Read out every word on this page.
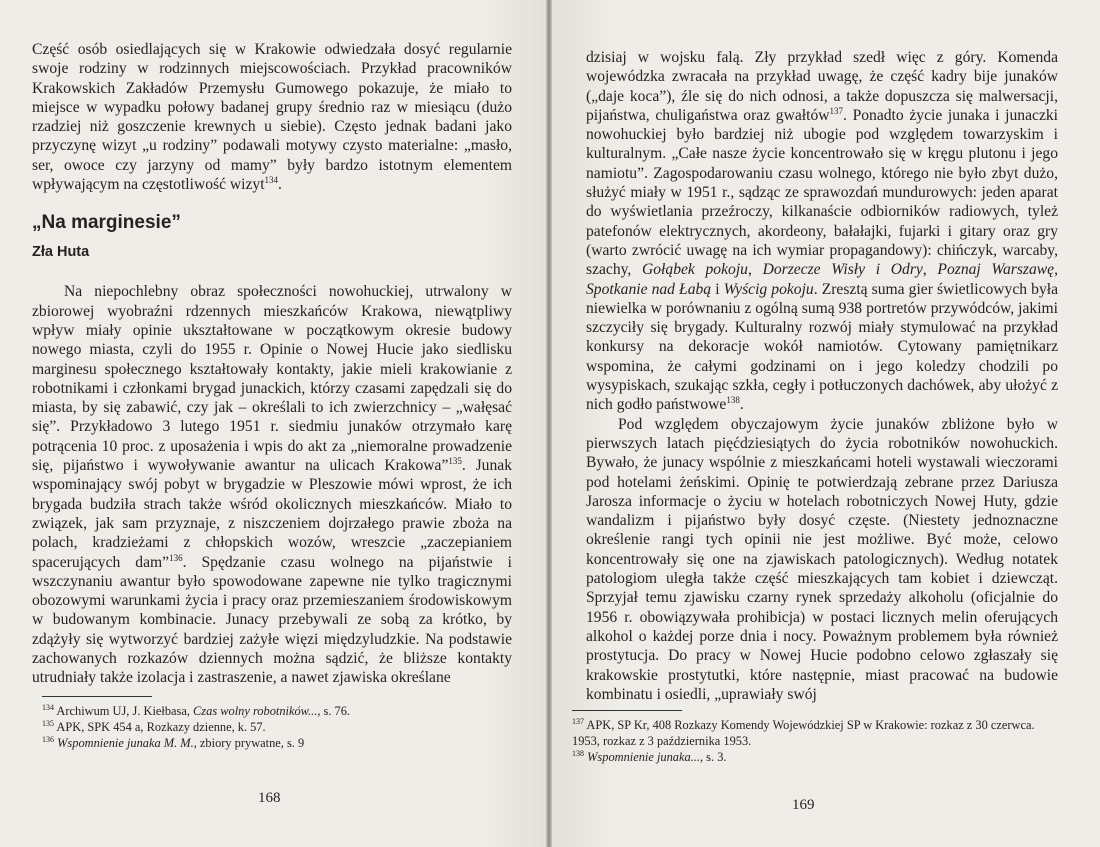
Część osób osiedlających się w Krakowie odwiedzała dosyć regularnie swoje rodziny w rodzinnych miejscowościach. Przykład pracowników Krakowskich Zakładów Przemysłu Gumowego pokazuje, że miało to miejsce w wypadku połowy badanej grupy średnio raz w miesiącu (dużo rzadziej niż goszczenie krewnych u siebie). Często jednak badani jako przyczynę wizyt „u rodziny” podawali motywy czysto materialne: „masło, ser, owoce czy jarzyny od mamy” były bardzo istotnym elementem wpływającym na częstotliwość wizyt$^{134}$.

„Na marginesie”
Zła Huta

Na niepochlebny obraz społeczności nowohuckiej, utrwalony w zbiorowej wyobraźni rdzennych mieszkańców Krakowa, niewątpliwy wpływ miały opinie ukształtowane w początkowym okresie budowy nowego miasta, czyli do 1955 r. Opinie o Nowej Hucie jako siedlisku marginesu społecznego kształtowały kontakty, jakie mieli krakowianie z robotnikami i członkami brygad junackich, którzy czasami zapędzali się do miasta, by się zabawić, czy jak – określali to ich zwierzchnicy – „wałęsać się”. Przykładowo 3 lutego 1951 r. siedmiu junaków otrzymało karę potrącenia 10 proc. z uposażenia i wpis do akt za „niemoralne prowadzenie się, pijaństwo i wywoływanie awantur na ulicach Krakowa”$^{135}$. Junak wspominający swój pobyt w brygadzie w Pleszowie mówi wprost, że ich brygada budziła strach także wśród okolicznych mieszkańców. Miało to związek, jak sam przyznaje, z niszczeniem dojrzałego prawie zboża na polach, kradzieżami z chłopskich wozów, wreszcie „zaczepianiem spacerujących dam”$^{136}$. Spędzanie czasu wolnego na pijaństwie i wszczynaniu awantur było spowodowane zapewne nie tylko tragicznymi obozowymi warunkami życia i pracy oraz przemieszaniem środowiskowym w budowanym kombinacie. Junacy przebywali ze sobą za krótko, by zdążyły się wytworzyć bardziej zażyłe więzi międzyludzkie. Na podstawie zachowanych rozkazów dziennych można sądzić, że bliższe kontakty utrudniały także izolacja i zastraszenie, a nawet zjawiska określane

$^{134}$ Archiwum UJ, J. Kiełbasa, Czas wolny robotników..., s. 76.

$^{135}$ APK, SPK 454 a, Rozkazy dzienne, k. 57.

$^{136}$ Wspomnienie junaka M. M., zbiory prywatne, s. 9

168

dzisiaj w wojsku falą. Zły przykład szedł więc z góry. Komenda wojewódzka zwracała na przykład uwagę, że część kadry bije junaków („daje koca”), źle się do nich odnosi, a także dopuszcza się malwersacji, pijaństwa, chuligaństwa oraz gwałtów$^{137}$. Ponadto życie junaka i junaczki nowohuckiej było bardziej niż ubogie pod względem towarzyskim i kulturalnym. „Całe nasze życie koncentrowało się w kręgu plutonu i jego namiotu”. Zagospodarowaniu czasu wolnego, którego nie było zbyt dużo, służyć miały w 1951 r., sądząc ze sprawozdań mundurowych: jeden aparat do wyświetlania przeźroczy, kilkanaście odbiorników radiowych, tyleż patefonów elektrycznych, akordeony, bałałajki, fujarki i gitary oraz gry (warto zwrócić uwagę na ich wymiar propagandowy): chińczyk, warcaby, szachy, Gołąbek pokoju, Dorzecze Wisły i Odry, Poznaj Warszawę, Spotkanie nad Łabą i Wyścig pokoju. Zresztą suma gier świetlicowych była niewielka w porównaniu z ogólną sumą 938 portretów przywódców, jakimi szczyciły się brygady. Kulturalny rozwój miały stymulować na przykład konkursy na dekoracje wokół namiotów. Cytowany pamiętnikarz wspomina, że całymi godzinami on i jego koledzy chodzili po wysypiskach, szukając szkła, cegły i potłuczonych dachówek, aby ułożyć z nich godło państwowe$^{138}$.

Pod względem obyczajowym życie junaków zbliżone było w pierwszych latach pięćdziesiątych do życia robotników nowohuckich. Bywało, że junacy wspólnie z mieszkańcami hoteli wystawali wieczorami pod hotelami żeńskimi. Opinię te potwierdzają zebrane przez Dariusza Jarosza informacje o życiu w hotelach robotniczych Nowej Huty, gdzie wandalizm i pijaństwo były dosyć częste. (Niestety jednoznaczne określenie rangi tych opinii nie jest możliwe. Być może, celowo koncentrowały się one na zjawiskach patologicznych). Według notatek patologiom uległa także część mieszkających tam kobiet i dziewcząt. Sprzyjał temu zjawisku czarny rynek sprzedaży alkoholu (oficjalnie do 1956 r. obowiązywała prohibicja) w postaci licznych melin oferujących alkohol o każdej porze dnia i nocy. Poważnym problemem była również prostytucja. Do pracy w Nowej Hucie podobno celowo zgłaszały się krakowskie prostytutki, które następnie, miast pracować na budowie kombinatu i osiedli, „uprawiały swój

$^{137}$ APK, SP Kr, 408 Rozkazy Komendy Wojewódzkiej SP w Krakowie: rozkaz z 30 czerwca. 1953, rozkaz z 3 października 1953.

$^{138}$ Wspomnienie junaka..., s. 3.

169
